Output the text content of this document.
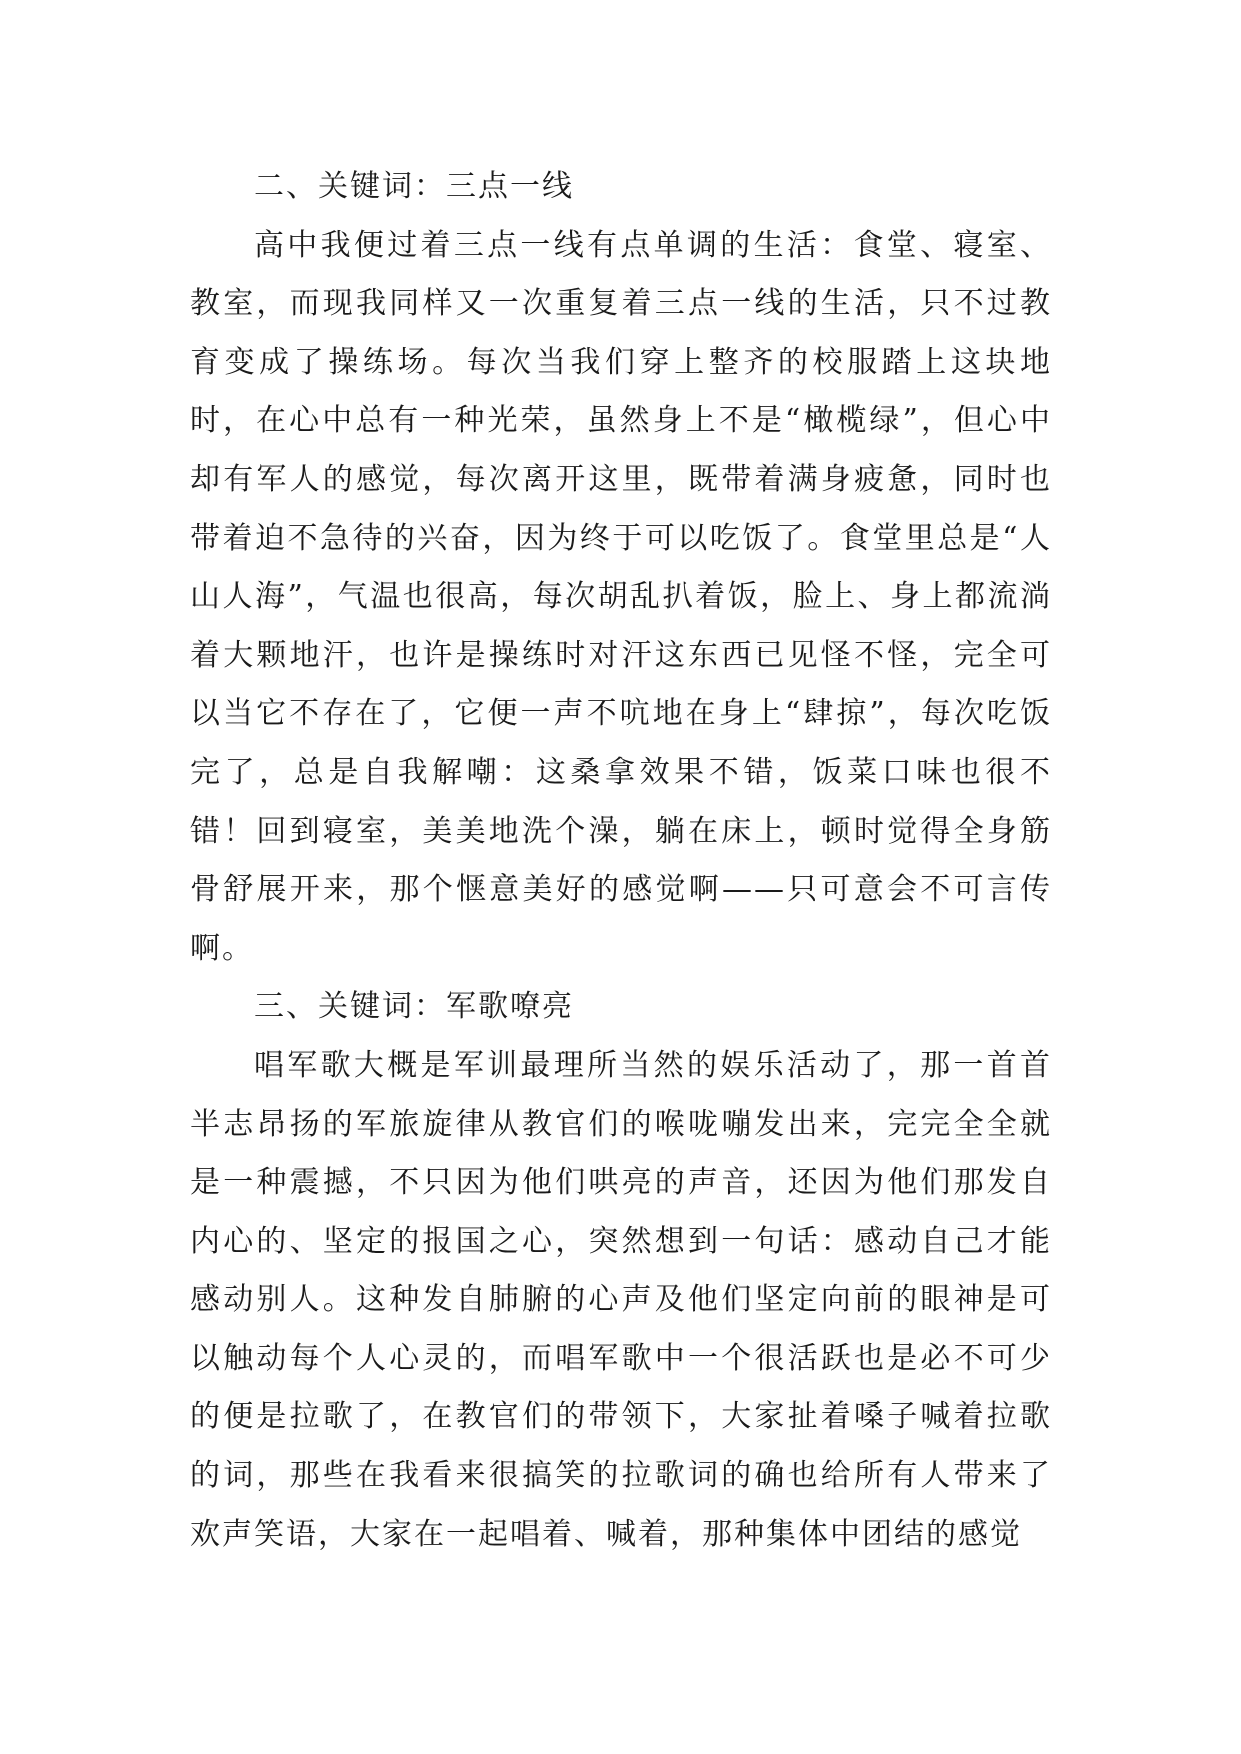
二、关键词：三点一线

高中我便过着三点一线有点单调的生活：食堂、寝室、教室，而现我同样又一次重复着三点一线的生活，只不过教育变成了操练场。每次当我们穿上整齐的校服踏上这块地时，在心中总有一种光荣，虽然身上不是“橄榄绿”，但心中却有军人的感觉，每次离开这里，既带着满身疲惫，同时也带着迫不急待的兴奋，因为终于可以吃饭了。食堂里总是“人山人海”，气温也很高，每次胡乱扒着饭，脸上、身上都流淌着大颗地汗，也许是操练时对汗这东西已见怪不怪，完全可以当它不存在了，它便一声不吭地在身上“肆掠”，每次吃饭完了，总是自我解嘲：这桑拿效果不错，饭菜口味也很不错！回到寝室，美美地洗个澡，躺在床上，顿时觉得全身筋骨舒展开来，那个惬意美好的感觉啊——只可意会不可言传啊。

三、关键词：军歌嘹亮

唱军歌大概是军训最理所当然的娱乐活动了，那一首首半志昂扬的军旅旋律从教官们的喉咙嘣发出来，完完全全就是一种震撼，不只因为他们哄亮的声音，还因为他们那发自内心的、坚定的报国之心，突然想到一句话：感动自己才能感动别人。这种发自肺腑的心声及他们坚定向前的眼神是可以触动每个人心灵的，而唱军歌中一个很活跃也是必不可少的便是拉歌了，在教官们的带领下，大家扯着嗓子喊着拉歌的词，那些在我看来很搞笑的拉歌词的确也给所有人带来了欢声笑语，大家在一起唱着、喊着，那种集体中团结的感觉
